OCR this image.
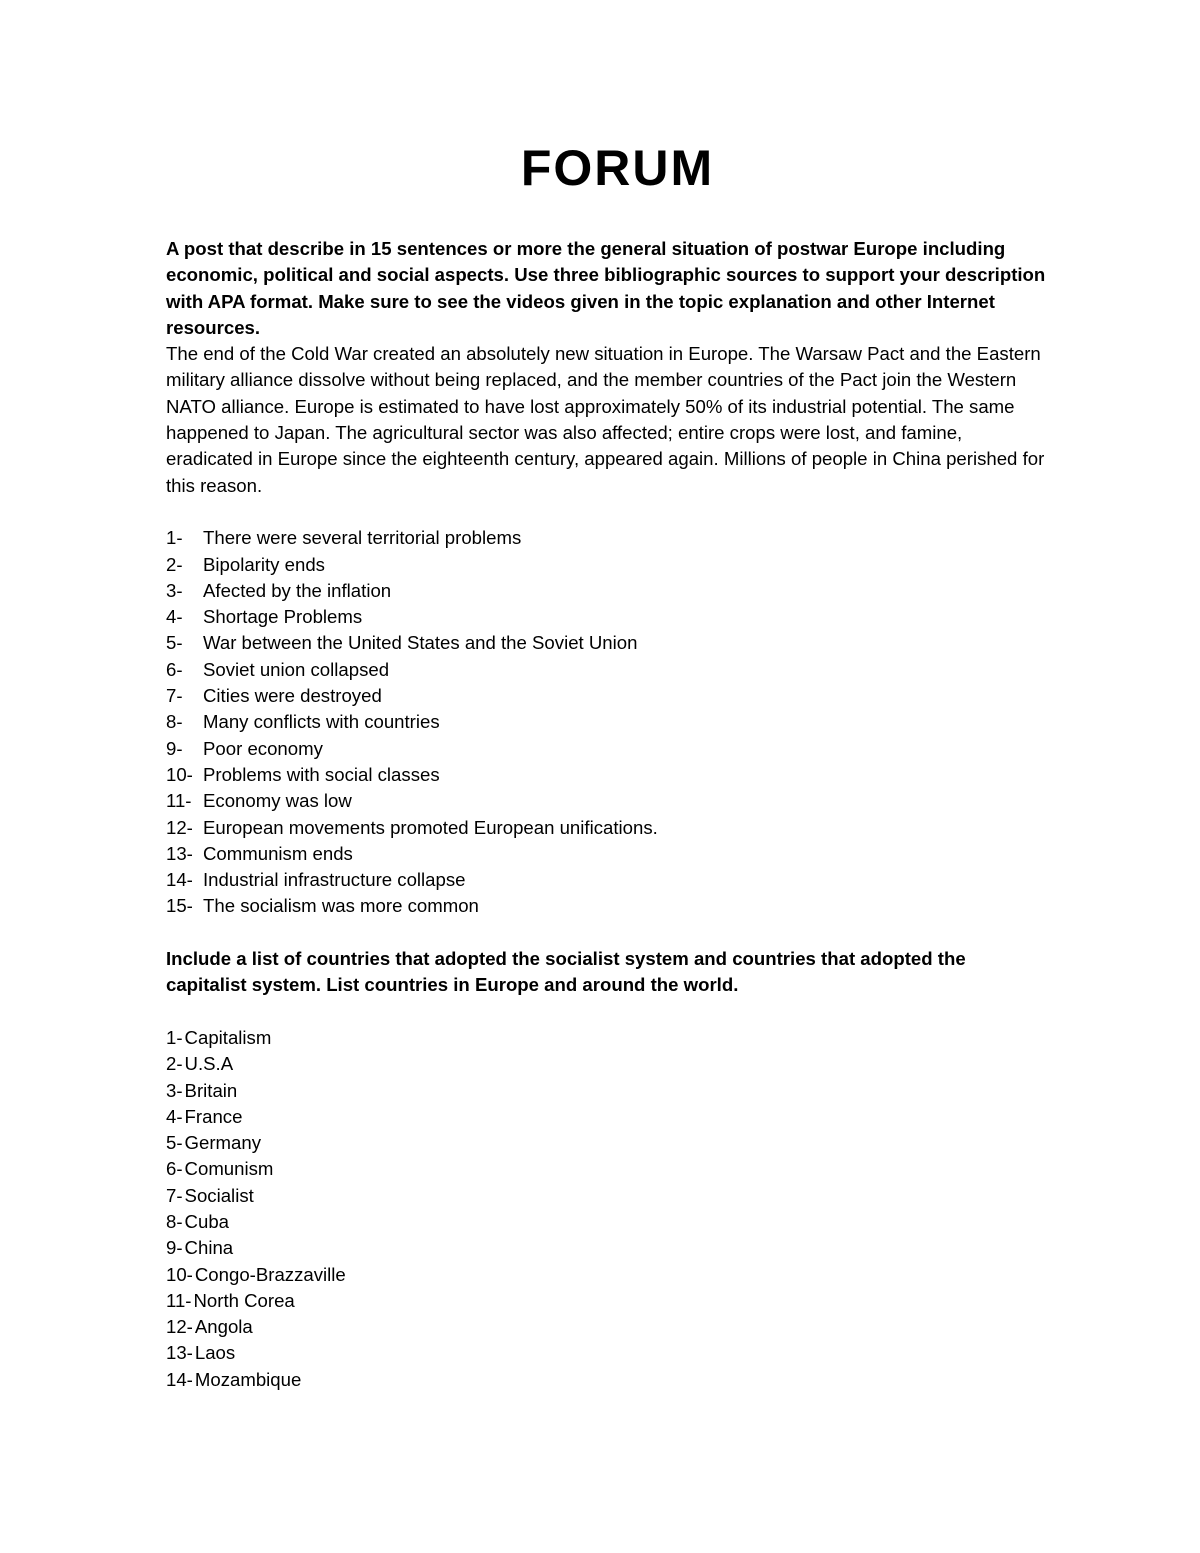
FORUM

A post that describe in 15 sentences or more the general situation of postwar Europe including economic, political and social aspects. Use three bibliographic sources to support your description with APA format. Make sure to see the videos given in the topic explanation and other Internet resources.

The end of the Cold War created an absolutely new situation in Europe. The Warsaw Pact and the Eastern military alliance dissolve without being replaced, and the member countries of the Pact join the Western NATO alliance. Europe is estimated to have lost approximately 50% of its industrial potential. The same happened to Japan. The agricultural sector was also affected; entire crops were lost, and famine, eradicated in Europe since the eighteenth century, appeared again. Millions of people in China perished for this reason.

1- There were several territorial problems
2- Bipolarity ends
3- Afected by the inflation
4- Shortage Problems
5- War between the United States and the Soviet Union
6- Soviet union collapsed
7- Cities were destroyed
8- Many conflicts with countries
9- Poor economy
10- Problems with social classes
11- Economy was low
12- European movements promoted European unifications.
13- Communism ends
14- Industrial infrastructure collapse
15- The socialism was more common

Include a list of countries that adopted the socialist system and countries that adopted the capitalist system. List countries in Europe and around the world.

1- Capitalism
2- U.S.A
3- Britain
4- France
5- Germany
6- Comunism
7- Socialist
8- Cuba
9- China
10- Congo-Brazzaville
11- North Corea
12- Angola
13- Laos
14- Mozambique
